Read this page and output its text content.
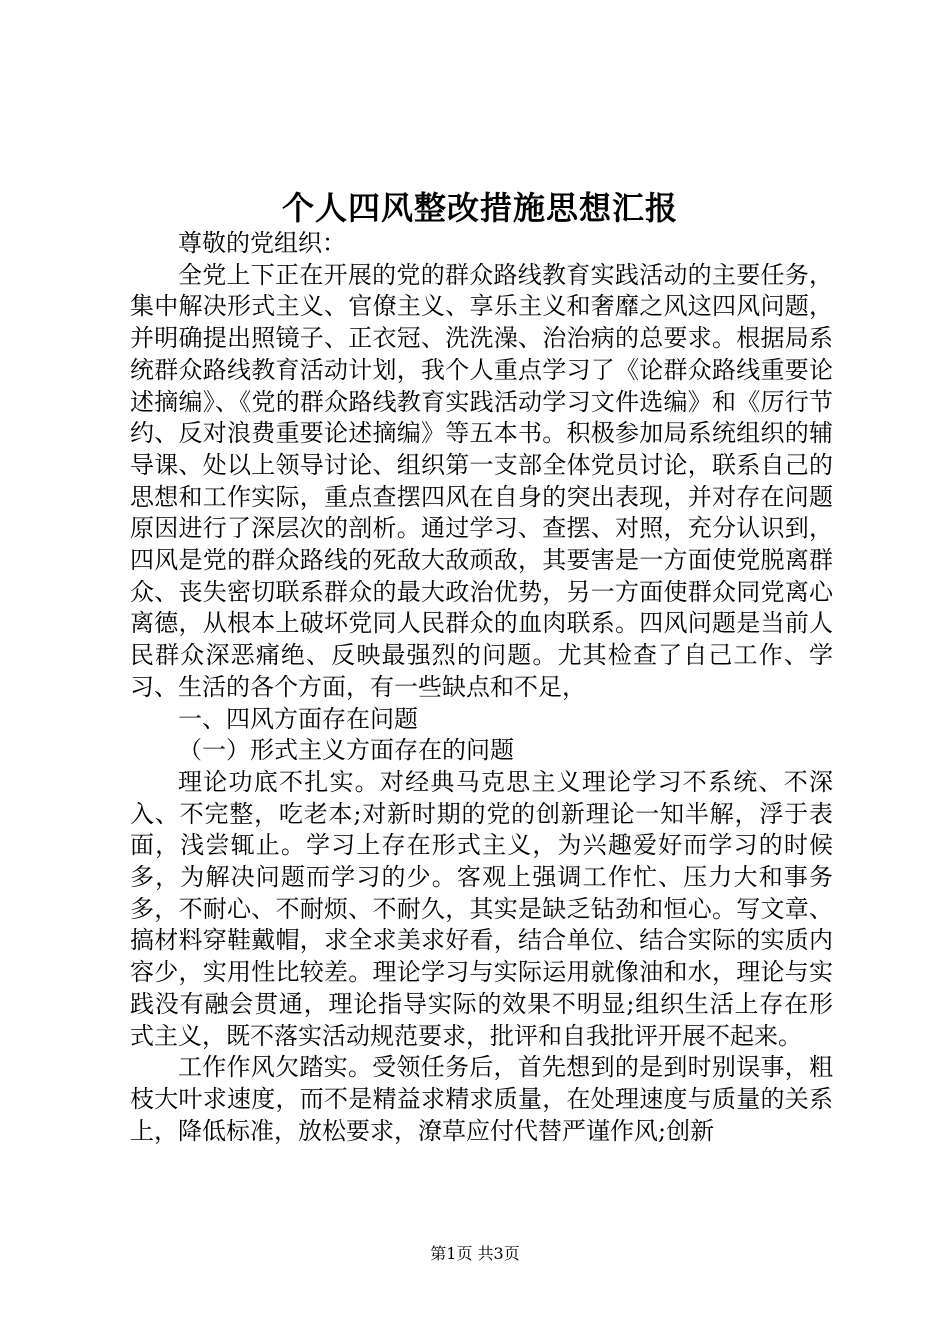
个人四风整改措施思想汇报

尊敬的党组织：

全党上下正在开展的党的群众路线教育实践活动的主要任务，集中解决形式主义、官僚主义、享乐主义和奢靡之风这四风问题，并明确提出照镜子、正衣冠、洗洗澡、治治病的总要求。根据局系统群众路线教育活动计划，我个人重点学习了《论群众路线重要论述摘编》、《党的群众路线教育实践活动学习文件选编》和《厉行节约、反对浪费重要论述摘编》等五本书。积极参加局系统组织的辅导课、处以上领导讨论、组织第一支部全体党员讨论，联系自己的思想和工作实际，重点查摆四风在自身的突出表现，并对存在问题原因进行了深层次的剖析。通过学习、查摆、对照，充分认识到，四风是党的群众路线的死敌大敌顽敌，其要害是一方面使党脱离群众、丧失密切联系群众的最大政治优势，另一方面使群众同党离心离德，从根本上破坏党同人民群众的血肉联系。四风问题是当前人民群众深恶痛绝、反映最强烈的问题。尤其检查了自己工作、学习、生活的各个方面，有一些缺点和不足，

一、四风方面存在问题

（一）形式主义方面存在的问题

理论功底不扎实。对经典马克思主义理论学习不系统、不深入、不完整，吃老本;对新时期的党的创新理论一知半解，浮于表面，浅尝辄止。学习上存在形式主义，为兴趣爱好而学习的时候多，为解决问题而学习的少。客观上强调工作忙、压力大和事务多，不耐心、不耐烦、不耐久，其实是缺乏钻劲和恒心。写文章、搞材料穿鞋戴帽，求全求美求好看，结合单位、结合实际的实质内容少，实用性比较差。理论学习与实际运用就像油和水，理论与实践没有融会贯通，理论指导实际的效果不明显;组织生活上存在形式主义，既不落实活动规范要求，批评和自我批评开展不起来。

工作作风欠踏实。受领任务后，首先想到的是到时别误事，粗枝大叶求速度，而不是精益求精求质量，在处理速度与质量的关系上，降低标准，放松要求，潦草应付代替严谨作风;创新

第1页 共3页
